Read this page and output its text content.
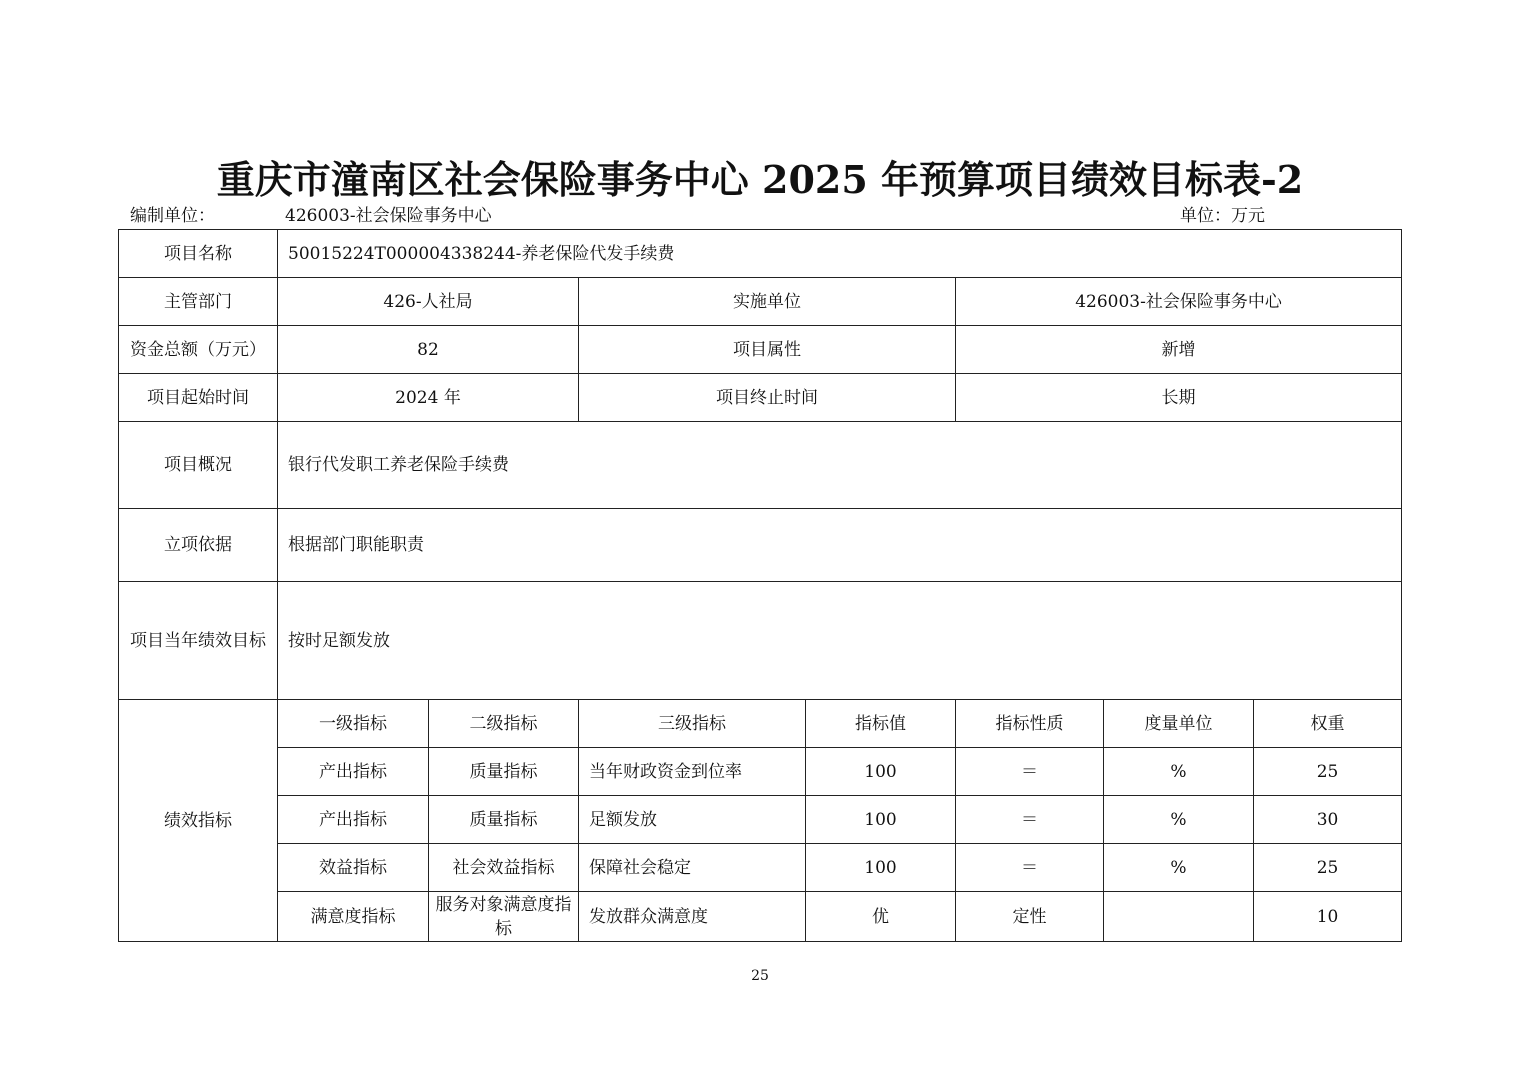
重庆市潼南区社会保险事务中心 2025 年预算项目绩效目标表-2
编制单位：	426003-社会保险事务中心	单位：万元
项目名称	50015224T000004338244-养老保险代发手续费						
主管部门	426-人社局		实施单位		426003-社会保险事务中心		
资金总额（万元）	82		项目属性		新增		
项目起始时间	2024 年		项目终止时间		长期		
项目概况	银行代发职工养老保险手续费						
立项依据	根据部门职能职责						
项目当年绩效目标	按时足额发放						
绩效指标	一级指标	二级指标	三级指标	指标值	指标性质	度量单位	权重
	产出指标	质量指标	当年财政资金到位率	100	＝	%	25
	产出指标	质量指标	足额发放	100	＝	%	30
	效益指标	社会效益指标	保障社会稳定	100	＝	%	25
	满意度指标	服务对象满意度指标	发放群众满意度	优	定性		10
25
